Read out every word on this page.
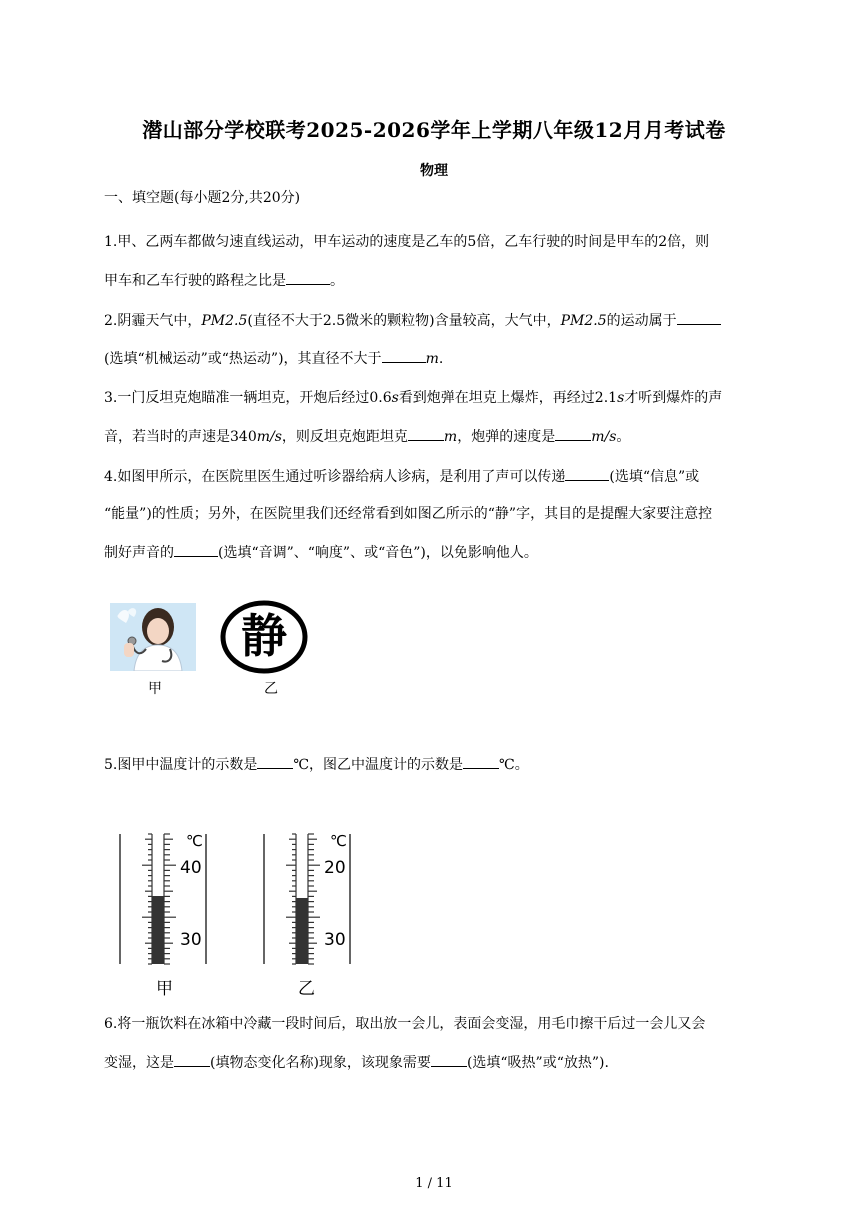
潜山部分学校联考2025-2026学年上学期八年级12月月考试卷
物理
一、填空题(每小题2分,共20分)
1.甲、乙两车都做匀速直线运动，甲车运动的速度是乙车的5倍，乙车行驶的时间是甲车的2倍，则
甲车和乙车行驶的路程之比是	。
2.阴霾天气中，PM2.5(直径不大于2.5微米的颗粒物)含量较高，大气中，PM2.5的运动属于
(选填“机械运动”或“热运动”)，其直径不大于	m.
3.一门反坦克炮瞄准一辆坦克，开炮后经过0.6s看到炮弹在坦克上爆炸，再经过2.1s才听到爆炸的声
音，若当时的声速是340m/s，则反坦克炮距坦克	m，炮弹的速度是	m/s。
4.如图甲所示，在医院里医生通过听诊器给病人诊病，是利用了声可以传递	(选填“信息”或
“能量”)的性质；另外，在医院里我们还经常看到如图乙所示的“静”字，其目的是提醒大家要注意控
制好声音的	(选填“音调”、“响度”、或“音色”)，以免影响他人。
甲
静
乙
5.图甲中温度计的示数是	℃，图乙中温度计的示数是	℃。
℃
40
30
甲
℃
20
30
乙
6.将一瓶饮料在冰箱中冷藏一段时间后，取出放一会儿，表面会变湿，用毛巾擦干后过一会儿又会
变湿，这是	(填物态变化名称)现象，该现象需要	(选填“吸热”或“放热”).
1 / 11
